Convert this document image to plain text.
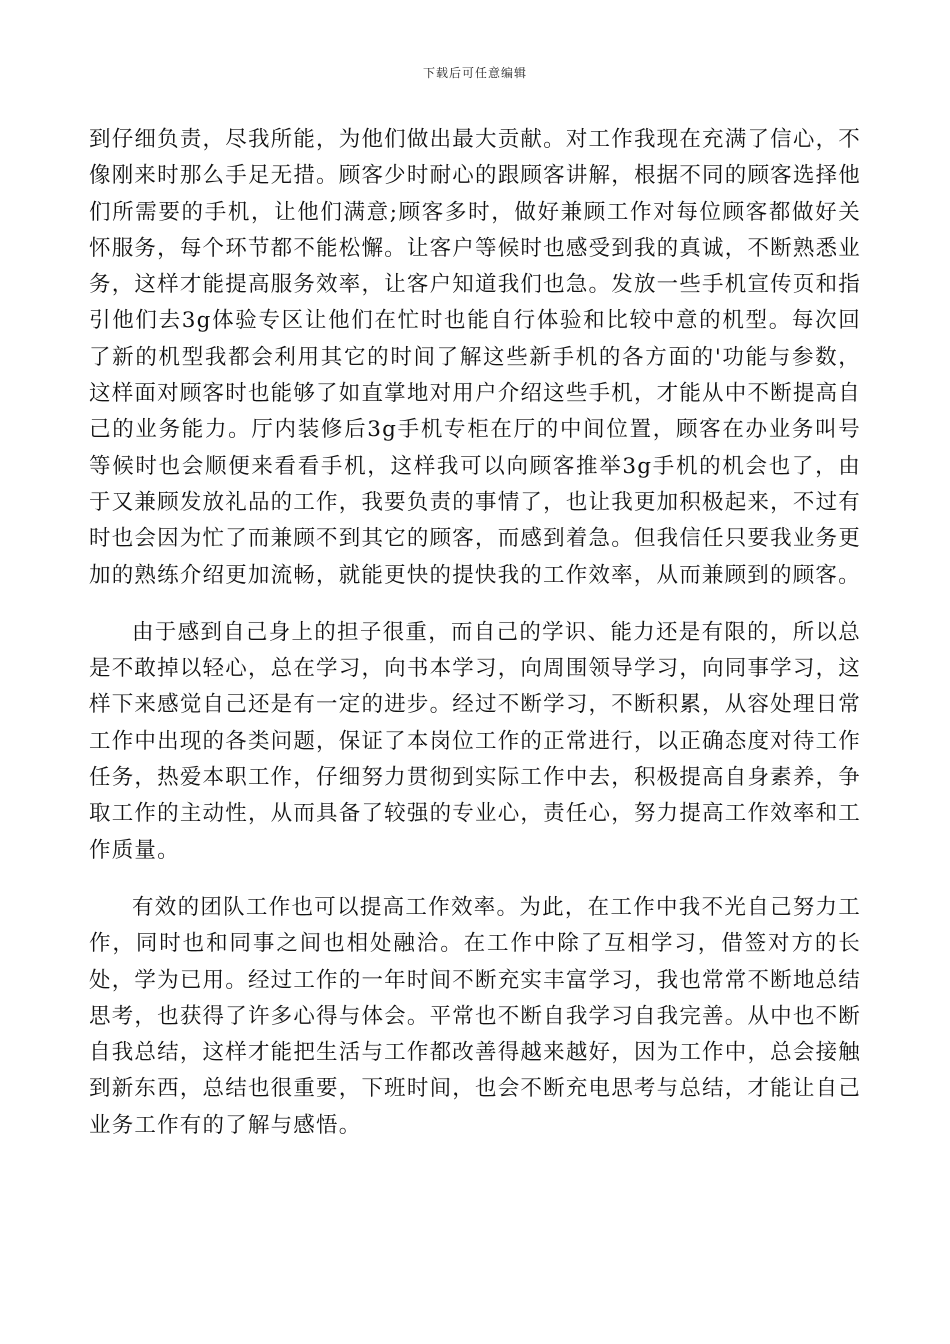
下载后可任意编辑

到仔细负责，尽我所能，为他们做出最大贡献。对工作我现在充满了信心，不像刚来时那么手足无措。顾客少时耐心的跟顾客讲解，根据不同的顾客选择他们所需要的手机，让他们满意;顾客多时，做好兼顾工作对每位顾客都做好关怀服务，每个环节都不能松懈。让客户等候时也感受到我的真诚，不断熟悉业务，这样才能提高服务效率，让客户知道我们也急。发放一些手机宣传页和指引他们去3g体验专区让他们在忙时也能自行体验和比较中意的机型。每次回了新的机型我都会利用其它的时间了解这些新手机的各方面的'功能与参数，这样面对顾客时也能够了如直掌地对用户介绍这些手机，才能从中不断提高自己的业务能力。厅内装修后3g手机专柜在厅的中间位置，顾客在办业务叫号等候时也会顺便来看看手机，这样我可以向顾客推举3g手机的机会也了，由于又兼顾发放礼品的工作，我要负责的事情了，也让我更加积极起来，不过有时也会因为忙了而兼顾不到其它的顾客，而感到着急。但我信任只要我业务更加的熟练介绍更加流畅，就能更快的提快我的工作效率，从而兼顾到的顾客。

由于感到自己身上的担子很重，而自己的学识、能力还是有限的，所以总是不敢掉以轻心，总在学习，向书本学习，向周围领导学习，向同事学习，这样下来感觉自己还是有一定的进步。经过不断学习，不断积累，从容处理日常工作中出现的各类问题，保证了本岗位工作的正常进行，以正确态度对待工作任务，热爱本职工作，仔细努力贯彻到实际工作中去，积极提高自身素养，争取工作的主动性，从而具备了较强的专业心，责任心，努力提高工作效率和工作质量。

有效的团队工作也可以提高工作效率。为此，在工作中我不光自己努力工作，同时也和同事之间也相处融洽。在工作中除了互相学习，借签对方的长处，学为已用。经过工作的一年时间不断充实丰富学习，我也常常不断地总结思考，也获得了许多心得与体会。平常也不断自我学习自我完善。从中也不断自我总结，这样才能把生活与工作都改善得越来越好，因为工作中，总会接触到新东西，总结也很重要，下班时间，也会不断充电思考与总结，才能让自己业务工作有的了解与感悟。
